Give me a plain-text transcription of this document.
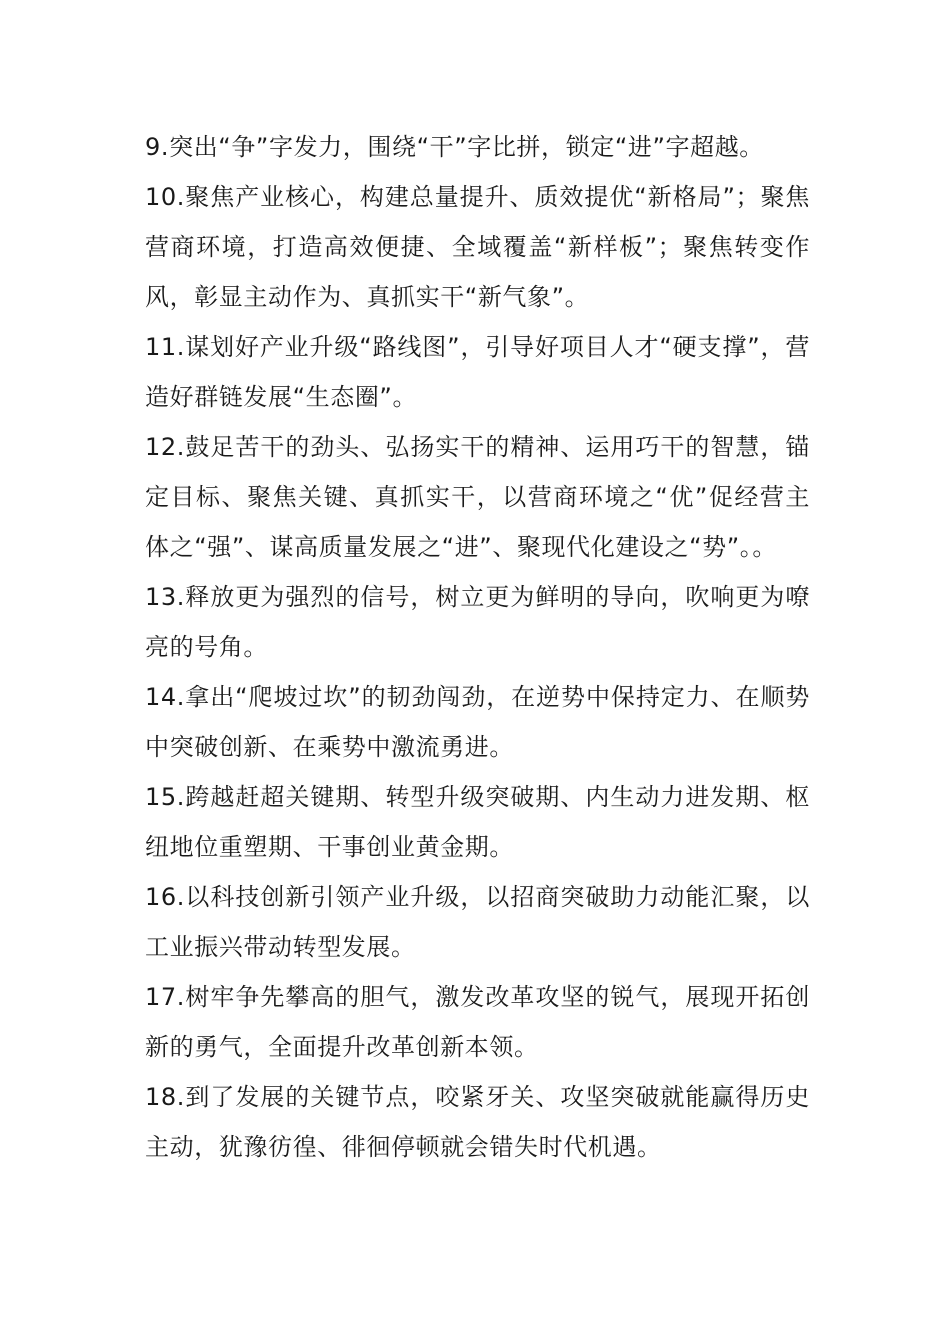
9.突出“争”字发力，围绕“干”字比拼，锁定“进”字超越。

10.聚焦产业核心，构建总量提升、质效提优“新格局”；聚焦营商环境，打造高效便捷、全域覆盖“新样板”；聚焦转变作风，彰显主动作为、真抓实干“新气象”。

11.谋划好产业升级“路线图”，引导好项目人才“硬支撑”，营造好群链发展“生态圈”。

12.鼓足苦干的劲头、弘扬实干的精神、运用巧干的智慧，锚定目标、聚焦关键、真抓实干，以营商环境之“优”促经营主体之“强”、谋高质量发展之“进”、聚现代化建设之“势”。。

13.释放更为强烈的信号，树立更为鲜明的导向，吹响更为嘹亮的号角。

14.拿出“爬坡过坎”的韧劲闯劲，在逆势中保持定力、在顺势中突破创新、在乘势中激流勇进。

15.跨越赶超关键期、转型升级突破期、内生动力进发期、枢纽地位重塑期、干事创业黄金期。

16.以科技创新引领产业升级，以招商突破助力动能汇聚，以工业振兴带动转型发展。

17.树牢争先攀高的胆气，激发改革攻坚的锐气，展现开拓创新的勇气，全面提升改革创新本领。

18.到了发展的关键节点，咬紧牙关、攻坚突破就能赢得历史主动，犹豫彷徨、徘徊停顿就会错失时代机遇。
